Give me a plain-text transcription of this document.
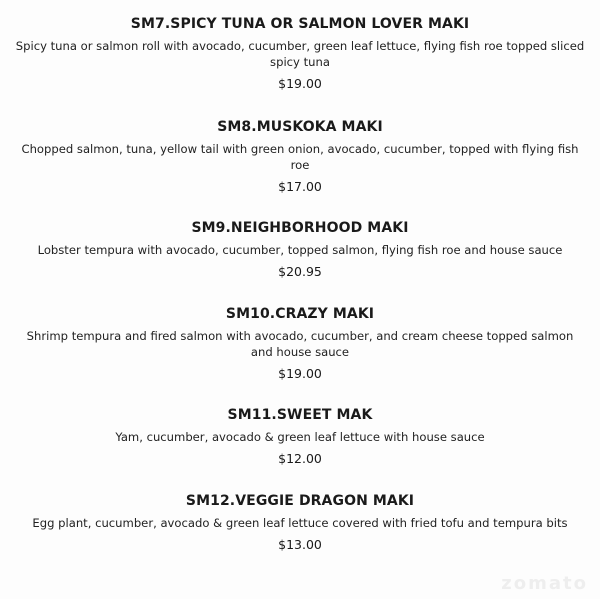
zomato
SM7.SPICY TUNA OR SALMON LOVER MAKI
Spicy tuna or salmon roll with avocado, cucumber, green leaf lettuce, flying fish roe topped sliced spicy tuna
$19.00
SM8.MUSKOKA MAKI
Chopped salmon, tuna, yellow tail with green onion, avocado, cucumber, topped with flying fish roe
$17.00
SM9.NEIGHBORHOOD MAKI
Lobster tempura with avocado, cucumber, topped salmon, flying fish roe and house sauce
$20.95
SM10.CRAZY MAKI
Shrimp tempura and fired salmon with avocado, cucumber, and cream cheese topped salmon and house sauce
$19.00
SM11.SWEET MAK
Yam, cucumber, avocado & green leaf lettuce with house sauce
$12.00
SM12.VEGGIE DRAGON MAKI
Egg plant, cucumber, avocado & green leaf lettuce covered with fried tofu and tempura bits
$13.00
